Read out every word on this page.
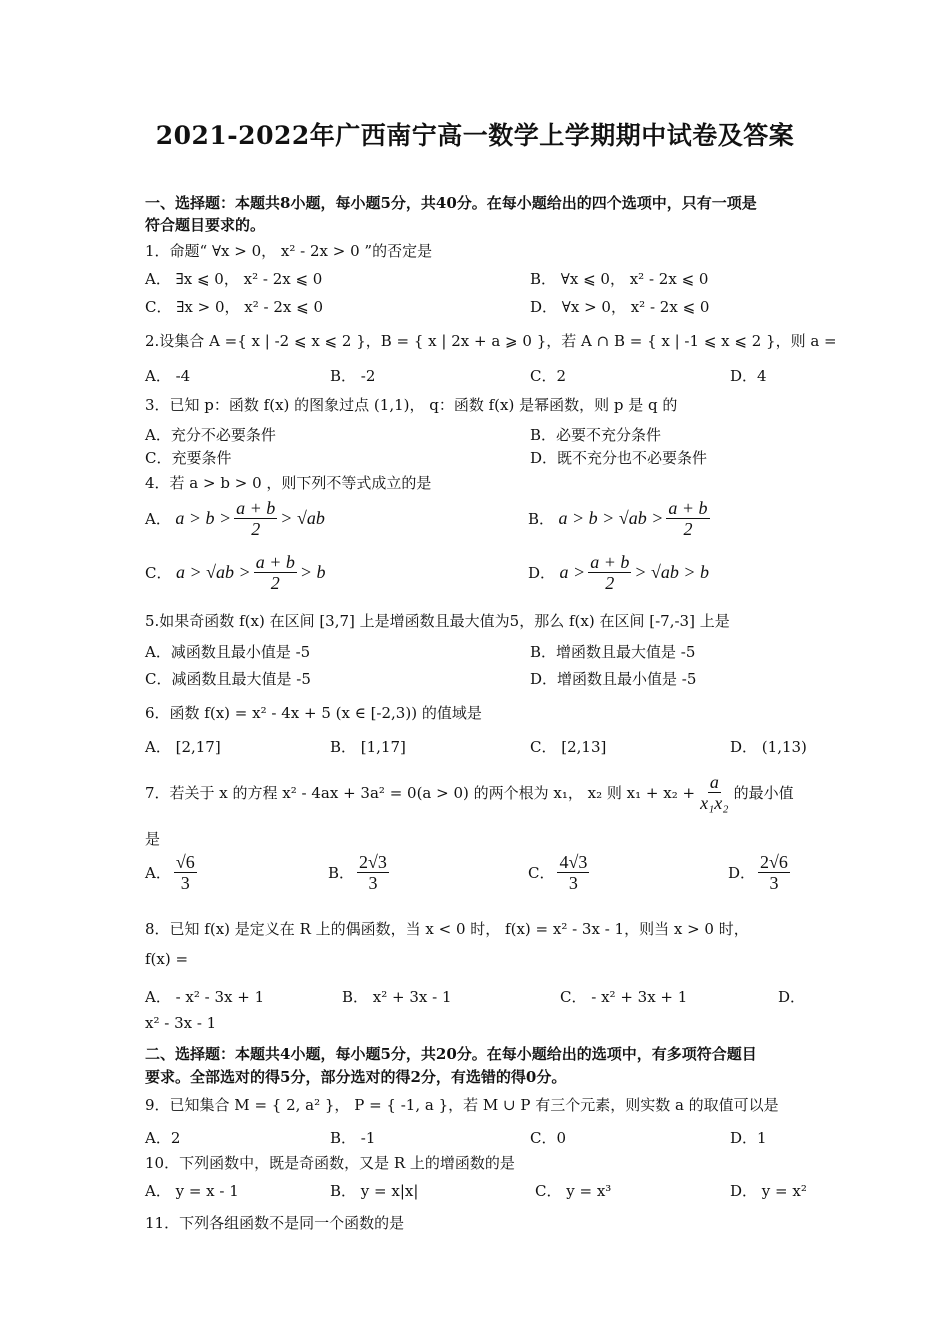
2021-2022年广西南宁高一数学上学期期中试卷及答案
一、选择题：本题共8小题，每小题5分，共40分。在每小题给出的四个选项中，只有一项是
符合题目要求的。
1．命题“ ∀x > 0， x² - 2x > 0 ”的否定是
A． ∃x ⩽ 0， x² - 2x ⩽ 0	B． ∀x ⩽ 0， x² - 2x ⩽ 0
C． ∃x > 0， x² - 2x ⩽ 0	D． ∀x > 0， x² - 2x ⩽ 0
2.设集合 A ={ x | -2 ⩽ x ⩽ 2 }，B = { x | 2x + a ⩾ 0 }，若 A ∩ B = { x | -1 ⩽ x ⩽ 2 }，则 a =
A． -4	B． -2	C．2	D．4
3．已知 p：函数 f(x) 的图象过点 (1,1)， q：函数 f(x) 是幂函数，则 p 是 q 的
A．充分不必要条件	B．必要不充分条件
C．充要条件	D．既不充分也不必要条件
4．若 a > b > 0 ，则下列不等式成立的是
A． $a > b > \frac{a + b}{2} > √ab$	B． $a > b > √ab > \frac{a + b}{2}$
C． $a > √ab > \frac{a + b}{2} > b$	D． $a > \frac{a + b}{2} > √ab > b$
5.如果奇函数 f(x) 在区间 [3,7] 上是增函数且最大值为5，那么 f(x) 在区间 [-7,-3] 上是
A．减函数且最小值是 -5	B．增函数且最大值是 -5
C．减函数且最大值是 -5	D．增函数且最小值是 -5
6．函数 f(x) = x² - 4x + 5 (x ∈ [-2,3)) 的值域是
A． [2,17]	B． [1,17]	C． [2,13]	D． (1,13)
7．若关于 x 的方程 x² - 4ax + 3a² = 0(a > 0) 的两个根为 x₁， x₂ 则 $x_1 + x_2 + \frac{a}{\text{x₁x₂}}$ 的最小值
是
A． $\frac{√6}{3}$	B． $\frac{2√3}{3}$	C． $\frac{4√3}{3}$	D． $\frac{2√6}{3}$
8．已知 f(x) 是定义在 R 上的偶函数，当 x < 0 时， f(x) = x² - 3x - 1，则当 x > 0 时，
f(x) =
A． - x² - 3x + 1	B． x² + 3x - 1	C． - x² + 3x + 1	D．
x² - 3x - 1
二、选择题：本题共4小题，每小题5分，共20分。在每小题给出的选项中，有多项符合题目
要求。全部选对的得5分，部分选对的得2分，有选错的得0分。
9．已知集合 M = { 2, a² }， P = { -1, a }，若 M ∪ P 有三个元素，则实数 a 的取值可以是
A．2	B． -1	C．0	D．1
10．下列函数中，既是奇函数，又是 R 上的增函数的是
A． y = x - 1	B． y = x|x|	C． y = x³	D． y = x²
11．下列各组函数不是同一个函数的是
